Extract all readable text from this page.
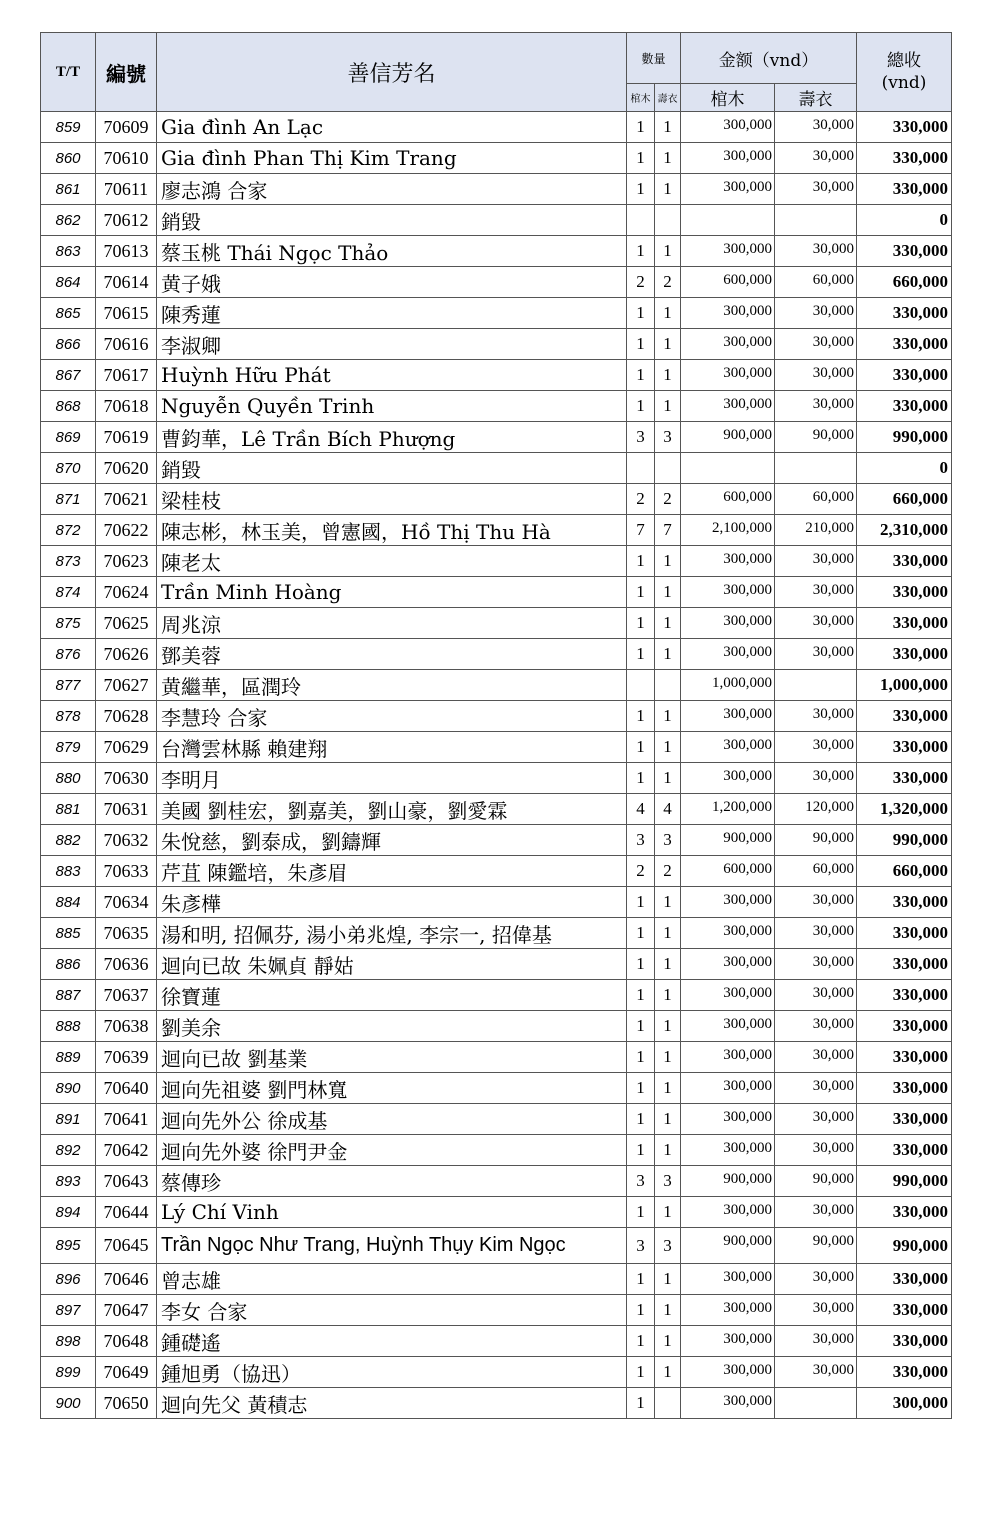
T/T	編號	善信芳名	數量		金额（vnd）		總收
(vnd)

			棺木	壽衣	棺木	壽衣	
859	70609	Gia đình An Lạc	1	1	300,000	30,000	330,000
860	70610	Gia đình Phan Thị Kim Trang	1	1	300,000	30,000	330,000
861	70611	廖志鴻 合家	1	1	300,000	30,000	330,000
862	70612	銷毀					0
863	70613	蔡玉桃 Thái Ngọc Thảo	1	1	300,000	30,000	330,000
864	70614	黄子娥	2	2	600,000	60,000	660,000
865	70615	陳秀蓮	1	1	300,000	30,000	330,000
866	70616	李淑卿	1	1	300,000	30,000	330,000
867	70617	Huỳnh Hữu Phát	1	1	300,000	30,000	330,000
868	70618	Nguyễn Quyền Trinh	1	1	300,000	30,000	330,000
869	70619	曹鈞華，Lê Trần Bích Phượng	3	3	900,000	90,000	990,000
870	70620	銷毀					0
871	70621	梁桂枝	2	2	600,000	60,000	660,000
872	70622	陳志彬，林玉美，曾憲國，Hồ Thị Thu Hà	7	7	2,100,000	210,000	2,310,000
873	70623	陳老太	1	1	300,000	30,000	330,000
874	70624	Trần Minh Hoàng	1	1	300,000	30,000	330,000
875	70625	周兆涼	1	1	300,000	30,000	330,000
876	70626	鄧美蓉	1	1	300,000	30,000	330,000
877	70627	黄繼華，區潤玲			1,000,000		1,000,000
878	70628	李慧玲 合家	1	1	300,000	30,000	330,000
879	70629	台灣雲林縣 賴建翔	1	1	300,000	30,000	330,000
880	70630	李明月	1	1	300,000	30,000	330,000
881	70631	美國 劉桂宏，劉嘉美，劉山豪，劉愛霖	4	4	1,200,000	120,000	1,320,000
882	70632	朱悅慈，劉泰成，劉鑄輝	3	3	900,000	90,000	990,000
883	70633	芹苴 陳鑑培，朱彥眉	2	2	600,000	60,000	660,000
884	70634	朱彥樺	1	1	300,000	30,000	330,000
885	70635	湯和明, 招佩芬, 湯小弟兆煌, 李宗一, 招偉基	1	1	300,000	30,000	330,000
886	70636	迴向已故 朱姵貞 靜姑	1	1	300,000	30,000	330,000
887	70637	徐寶蓮	1	1	300,000	30,000	330,000
888	70638	劉美余	1	1	300,000	30,000	330,000
889	70639	迴向已故 劉基業	1	1	300,000	30,000	330,000
890	70640	迴向先祖婆 劉門林寬	1	1	300,000	30,000	330,000
891	70641	迴向先外公 徐成基	1	1	300,000	30,000	330,000
892	70642	迴向先外婆 徐門尹金	1	1	300,000	30,000	330,000
893	70643	蔡傳珍	3	3	900,000	90,000	990,000
894	70644	Lý Chí Vinh	1	1	300,000	30,000	330,000
895	70645	Trần Ngọc Như Trang, Huỳnh Thụy Kim Ngọc	3	3	900,000	90,000	990,000
896	70646	曾志雄	1	1	300,000	30,000	330,000
897	70647	李女 合家	1	1	300,000	30,000	330,000
898	70648	鍾礎遙	1	1	300,000	30,000	330,000
899	70649	鍾旭勇（協迅）	1	1	300,000	30,000	330,000
900	70650	迴向先父 黃積志	1		300,000		300,000
